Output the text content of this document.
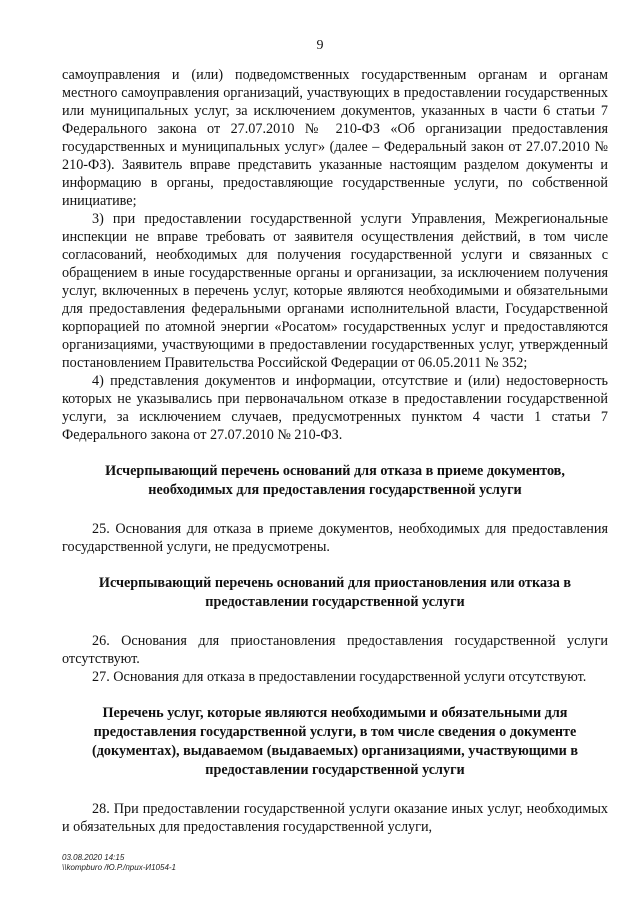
9

самоуправления и (или) подведомственных государственным органам и органам местного самоуправления организаций, участвующих в предоставлении государственных или муниципальных услуг, за исключением документов, указанных в части 6 статьи 7 Федерального закона от 27.07.2010 № 210-ФЗ «Об организации предоставления государственных и муниципальных услуг» (далее – Федеральный закон от 27.07.2010 № 210-ФЗ). Заявитель вправе представить указанные настоящим разделом документы и информацию в органы, предоставляющие государственные услуги, по собственной инициативе;

3) при предоставлении государственной услуги Управления, Межрегиональные инспекции не вправе требовать от заявителя осуществления действий, в том числе согласований, необходимых для получения государственной услуги и связанных с обращением в иные государственные органы и организации, за исключением получения услуг, включенных в перечень услуг, которые являются необходимыми и обязательными для предоставления федеральными органами исполнительной власти, Государственной корпорацией по атомной энергии «Росатом» государственных услуг и предоставляются организациями, участвующими в предоставлении государственных услуг, утвержденный постановлением Правительства Российской Федерации от 06.05.2011 № 352;

4) представления документов и информации, отсутствие и (или) недостоверность которых не указывались при первоначальном отказе в предоставлении государственной услуги, за исключением случаев, предусмотренных пунктом 4 части 1 статьи 7 Федерального закона от 27.07.2010 № 210-ФЗ.

Исчерпывающий перечень оснований для отказа в приеме документов, необходимых для предоставления государственной услуги

25. Основания для отказа в приеме документов, необходимых для предоставления государственной услуги, не предусмотрены.

Исчерпывающий перечень оснований для приостановления или отказа в предоставлении государственной услуги

26. Основания для приостановления предоставления государственной услуги отсутствуют.

27. Основания для отказа в предоставлении государственной услуги отсутствуют.

Перечень услуг, которые являются необходимыми и обязательными для предоставления государственной услуги, в том числе сведения о документе (документах), выдаваемом (выдаваемых) организациями, участвующими в предоставлении государственной услуги

28. При предоставлении государственной услуги оказание иных услуг, необходимых и обязательных для предоставления государственной услуги,

03.08.2020 14:15
\\kompburo /Ю.Р./приx-И1054-1
